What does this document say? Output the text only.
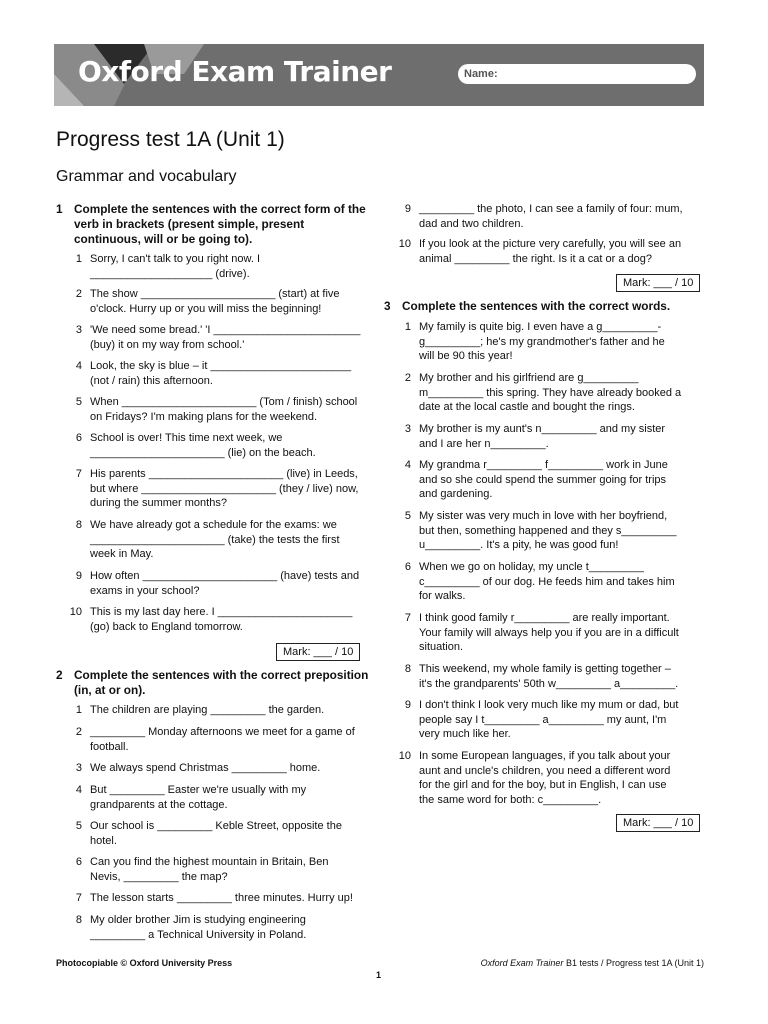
Oxford Exam Trainer	Name:
Progress test 1A (Unit 1)
Grammar and vocabulary
1 Complete the sentences with the correct form of the verb in brackets (present simple, present continuous, will or be going to).
1 Sorry, I can't talk to you right now. I
____________________ (drive).
2 The show ______________________ (start) at five
o'clock. Hurry up or you will miss the beginning!
3 'We need some bread.' 'I ________________________
(buy) it on my way from school.'
4 Look, the sky is blue – it _______________________
(not / rain) this afternoon.
5 When ______________________ (Tom / finish) school
on Fridays? I'm making plans for the weekend.
6 School is over! This time next week, we
______________________ (lie) on the beach.
7 His parents ______________________ (live) in Leeds,
but where ______________________ (they / live) now,
during the summer months?
8 We have already got a schedule for the exams: we
______________________ (take) the tests the first
week in May.
9 How often ______________________ (have) tests and
exams in your school?
10 This is my last day here. I ______________________
(go) back to England tomorrow.
Mark: ___ / 10
2 Complete the sentences with the correct preposition (in, at or on).
1 The children are playing _________ the garden.
2 _________ Monday afternoons we meet for a game of
football.
3 We always spend Christmas _________ home.
4 But _________ Easter we're usually with my
grandparents at the cottage.
5 Our school is _________ Keble Street, opposite the
hotel.
6 Can you find the highest mountain in Britain, Ben
Nevis, _________ the map?
7 The lesson starts _________ three minutes. Hurry up!
8 My older brother Jim is studying engineering
_________ a Technical University in Poland.
9 _________ the photo, I can see a family of four: mum,
dad and two children.
10 If you look at the picture very carefully, you will see an
animal _________ the right. Is it a cat or a dog?
Mark: ___ / 10
3 Complete the sentences with the correct words.
1 My family is quite big. I even have a g_________-
g_________; he's my grandmother's father and he
will be 90 this year!
2 My brother and his girlfriend are g_________
m_________ this spring. They have already booked a
date at the local castle and bought the rings.
3 My brother is my aunt's n_________ and my sister
and I are her n_________.
4 My grandma r_________ f_________ work in June
and so she could spend the summer going for trips
and gardening.
5 My sister was very much in love with her boyfriend,
but then, something happened and they s_________
u_________. It's a pity, he was good fun!
6 When we go on holiday, my uncle t_________
c_________ of our dog. He feeds him and takes him
for walks.
7 I think good family r_________ are really important.
Your family will always help you if you are in a difficult
situation.
8 This weekend, my whole family is getting together –
it's the grandparents' 50th w_________ a_________.
9 I don't think I look very much like my mum or dad, but
people say I t_________ a_________ my aunt, I'm
very much like her.
10 In some European languages, if you talk about your
aunt and uncle's children, you need a different word
for the girl and for the boy, but in English, I can use
the same word for both: c_________.
Mark: ___ / 10
Photocopiable © Oxford University Press	Oxford Exam Trainer B1 tests / Progress test 1A (Unit 1)
1
